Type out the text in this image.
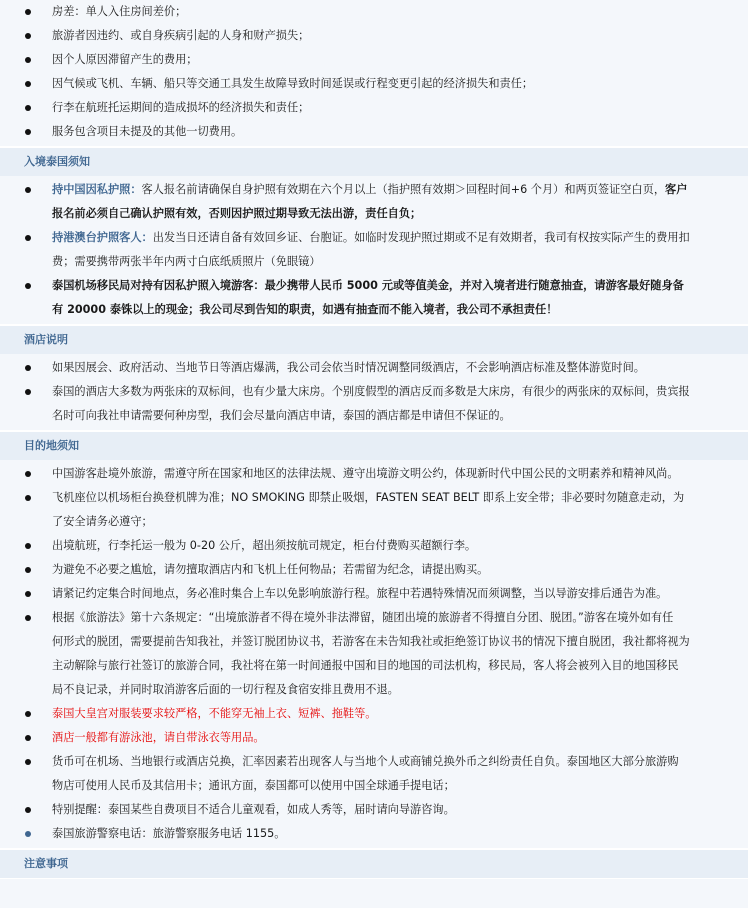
房差：单人入住房间差价；
旅游者因违约、或自身疾病引起的人身和财产损失；
因个人原因滞留产生的费用；
因气候或飞机、车辆、船只等交通工具发生故障导致时间延误或行程变更引起的经济损失和责任；
行李在航班托运期间的造成损坏的经济损失和责任；
服务包含项目未提及的其他一切费用。
入境泰国须知
持中国因私护照：客人报名前请确保自身护照有效期在六个月以上（指护照有效期＞回程时间+6 个月）和两页签证空白页，客户
报名前必须自己确认护照有效，否则因护照过期导致无法出游，责任自负；
持港澳台护照客人：出发当日还请自备有效回乡证、台胞证。如临时发现护照过期或不足有效期者，我司有权按实际产生的费用扣
费；需要携带两张半年内两寸白底纸质照片（免眼镜）
泰国机场移民局对持有因私护照入境游客：最少携带人民币 5000 元或等值美金，并对入境者进行随意抽查，请游客最好随身备
有 20000 泰铢以上的现金；我公司尽到告知的职责，如遇有抽查而不能入境者，我公司不承担责任！
酒店说明
如果因展会、政府活动、当地节日等酒店爆满，我公司会依当时情况调整同级酒店，不会影响酒店标准及整体游览时间。
泰国的酒店大多数为两张床的双标间，也有少量大床房。个别度假型的酒店反而多数是大床房，有很少的两张床的双标间，贵宾报
名时可向我社申请需要何种房型，我们会尽量向酒店申请，泰国的酒店都是申请但不保证的。
目的地须知
中国游客赴境外旅游，需遵守所在国家和地区的法律法规、遵守出境游文明公约，体现新时代中国公民的文明素养和精神风尚。
飞机座位以机场柜台换登机牌为准；NO SMOKING 即禁止吸烟，FASTEN SEAT BELT 即系上安全带；非必要时勿随意走动，为
了安全请务必遵守；
出境航班，行李托运一般为 0-20 公斤，超出须按航司规定，柜台付费购买超额行李。
为避免不必要之尴尬，请勿擅取酒店内和飞机上任何物品；若需留为纪念，请提出购买。
请紧记约定集合时间地点，务必准时集合上车以免影响旅游行程。旅程中若遇特殊情况而须调整，当以导游安排后通告为准。
根据《旅游法》第十六条规定：“出境旅游者不得在境外非法滞留，随团出境的旅游者不得擅自分团、脱团。”游客在境外如有任
何形式的脱团，需要提前告知我社，并签订脱团协议书，若游客在未告知我社或拒绝签订协议书的情况下擅自脱团，我社都将视为
主动解除与旅行社签订的旅游合同，我社将在第一时间通报中国和目的地国的司法机构，移民局，客人将会被列入目的地国移民
局不良记录，并同时取消游客后面的一切行程及食宿安排且费用不退。
泰国大皇宫对服装要求较严格，不能穿无袖上衣、短裤、拖鞋等。
酒店一般都有游泳池，请自带泳衣等用品。
货币可在机场、当地银行或酒店兑换，汇率因素若出现客人与当地个人或商铺兑换外币之纠纷责任自负。泰国地区大部分旅游购
物店可使用人民币及其信用卡；通讯方面，泰国都可以使用中国全球通手提电话；
特别提醒：泰国某些自费项目不适合儿童观看，如成人秀等，届时请向导游咨询。
泰国旅游警察电话：旅游警察服务电话 1155。
注意事项
